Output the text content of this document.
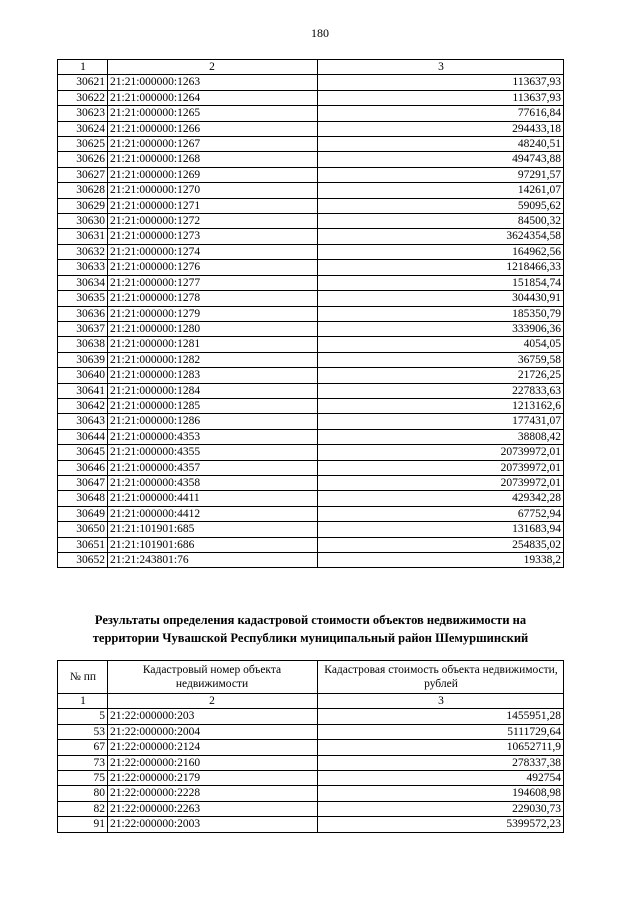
180
1	2	3
30621	21:21:000000:1263	113637,93
30622	21:21:000000:1264	113637,93
30623	21:21:000000:1265	77616,84
30624	21:21:000000:1266	294433,18
30625	21:21:000000:1267	48240,51
30626	21:21:000000:1268	494743,88
30627	21:21:000000:1269	97291,57
30628	21:21:000000:1270	14261,07
30629	21:21:000000:1271	59095,62
30630	21:21:000000:1272	84500,32
30631	21:21:000000:1273	3624354,58
30632	21:21:000000:1274	164962,56
30633	21:21:000000:1276	1218466,33
30634	21:21:000000:1277	151854,74
30635	21:21:000000:1278	304430,91
30636	21:21:000000:1279	185350,79
30637	21:21:000000:1280	333906,36
30638	21:21:000000:1281	4054,05
30639	21:21:000000:1282	36759,58
30640	21:21:000000:1283	21726,25
30641	21:21:000000:1284	227833,63
30642	21:21:000000:1285	1213162,6
30643	21:21:000000:1286	177431,07
30644	21:21:000000:4353	38808,42
30645	21:21:000000:4355	20739972,01
30646	21:21:000000:4357	20739972,01
30647	21:21:000000:4358	20739972,01
30648	21:21:000000:4411	429342,28
30649	21:21:000000:4412	67752,94
30650	21:21:101901:685	131683,94
30651	21:21:101901:686	254835,02
30652	21:21:243801:76	19338,2
Результаты определения кадастровой стоимости объектов недвижимости на
территории Чувашской Республики муниципальный район Шемуршинский
№ пп	Кадастровый номер объекта недвижимости	Кадастровая стоимость объекта недвижимости, рублей
1	2	3
5	21:22:000000:203	1455951,28
53	21:22:000000:2004	5111729,64
67	21:22:000000:2124	10652711,9
73	21:22:000000:2160	278337,38
75	21:22:000000:2179	492754
80	21:22:000000:2228	194608,98
82	21:22:000000:2263	229030,73
91	21:22:000000:2003	5399572,23
